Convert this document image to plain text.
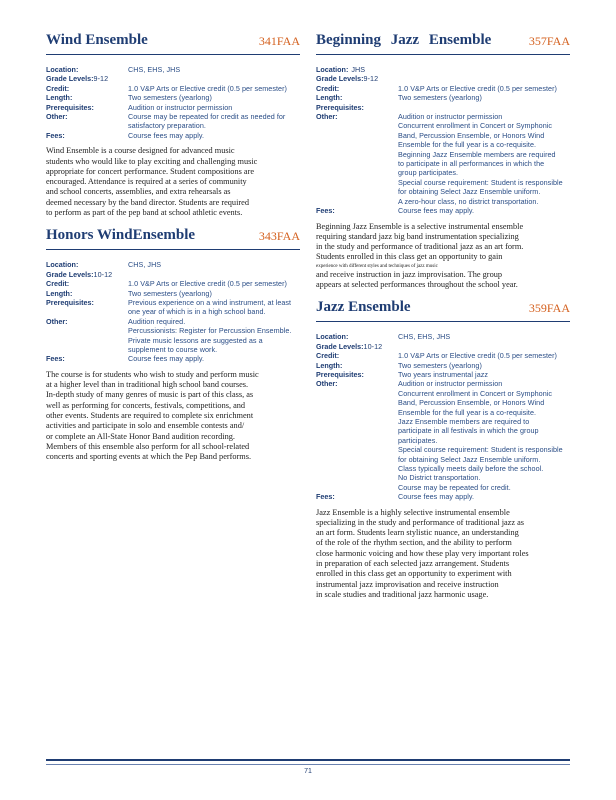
Wind Ensemble	341FAA
Location:	CHS, EHS, JHS
Grade Levels: 9-12
Credit:	1.0 V&P Arts or Elective credit (0.5 per semester)
Length:	Two semesters (yearlong)
Prerequisites:	Audition or instructor permission
Other:	Course may be repeated for credit as needed for
satisfactory preparation.
Fees:	Course fees may apply.
Wind Ensemble is a course designed for advanced music
students who would like to play exciting and challenging music
appropriate for concert performance. Student compositions are
encouraged. Attendance is required at a series of community
and school concerts, assemblies, and extra rehearsals as
deemed necessary by the band director. Students are required
to perform as part of the pep band at school athletic events.
Honors WindEnsemble	343FAA
Location:	CHS, JHS
Grade Levels: 10-12
Credit:	1.0 V&P Arts or Elective credit (0.5 per semester)
Length:	Two semesters (yearlong)
Prerequisites:	Previous experience on a wind instrument, at least
one year of which is in a high school band.
Other:	Audition required.
Percussionists: Register for Percussion Ensemble.
Private music lessons are suggested as a
supplement to course work.
Fees:	Course fees may apply.
The course is for students who wish to study and perform music
at a higher level than in traditional high school band courses.
In-depth study of many genres of music is part of this class, as
well as performing for concerts, festivals, competitions, and
other events. Students are required to complete six enrichment
activities and participate in solo and ensemble contests and/
or complete an All-State Honor Band audition recording.
Members of this ensemble also perform for all school-related
concerts and sporting events at which the Pep Band performs.
Beginning Jazz Ensemble	357FAA
Location: JHS
Grade Levels: 9-12
Credit:	1.0 V&P Arts or Elective credit (0.5 per semester)
Length:	Two semesters (yearlong)
Prerequisites:
Other:	Audition or instructor permission
Concurrent enrollment in Concert or Symphonic
Band, Percussion Ensemble, or Honors Wind
Ensemble for the full year is a co-requisite.
Beginning Jazz Ensemble members are required
to participate in all performances in which the
group participates.
Special course requirement: Student is responsible
for obtaining Select Jazz Ensemble uniform.
A zero-hour class, no district transportation.
Fees:	Course fees may apply.
Beginning Jazz Ensemble is a selective instrumental ensemble
requiring standard jazz big band instrumentation specializing
in the study and performance of traditional jazz as an art form.
Students enrolled in this class get an opportunity to gain
experience with different styles and techniques of jazz music
and receive instruction in jazz improvisation. The group
appears at selected performances throughout the school year.
Jazz Ensemble	359FAA
Location:	CHS, EHS, JHS
Grade Levels: 10-12
Credit:	1.0 V&P Arts or Elective credit (0.5 per semester)
Length:	Two semesters (yearlong)
Prerequisites:	Two years instrumental jazz
Other:	Audition or instructor permission
Concurrent enrollment in Concert or Symphonic
Band, Percussion Ensemble, or Honors Wind
Ensemble for the full year is a co-requisite.
Jazz Ensemble members are required to
participate in all festivals in which the group
participates.
Special course requirement: Student is responsible
for obtaining Select Jazz Ensemble uniform.
Class typically meets daily before the school.
No District transportation.
Course may be repeated for credit.
Fees:	Course fees may apply.
Jazz Ensemble is a highly selective instrumental ensemble
specializing in the study and performance of traditional jazz as
an art form. Students learn stylistic nuance, an understanding
of the role of the rhythm section, and the ability to perform
close harmonic voicing and how these play very important roles
in preparation of each selected jazz arrangement. Students
enrolled in this class get an opportunity to experiment with
instrumental jazz improvisation and receive instruction
in scale studies and traditional jazz harmonic usage.
71
